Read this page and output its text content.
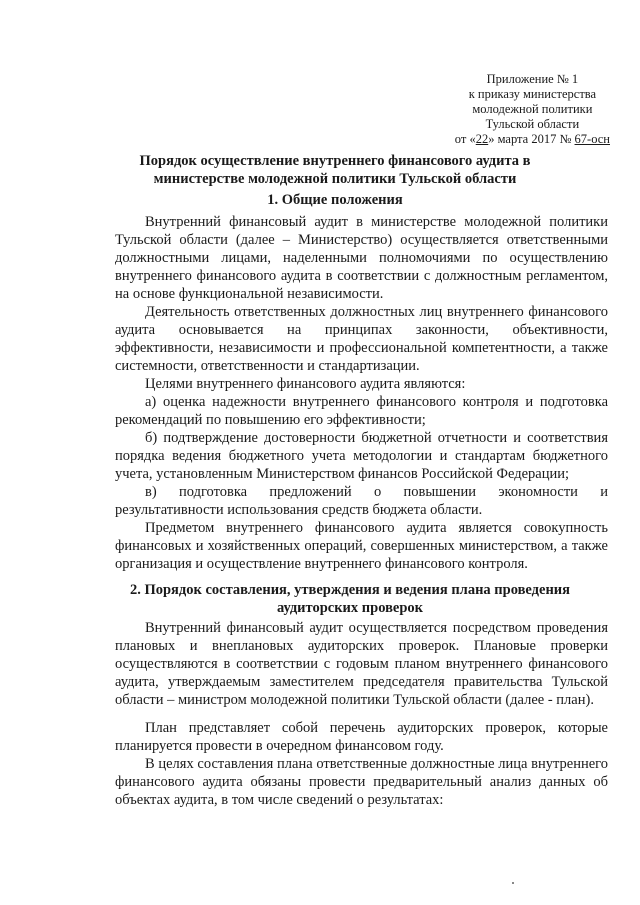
Приложение № 1
к приказу министерства
молодежной политики
Тульской области
от «22» марта 2017 № 67-осн
Порядок осуществление внутреннего финансового аудита в министерстве молодежной политики Тульской области
1. Общие положения

Внутренний финансовый аудит в министерстве молодежной политики Тульской области (далее – Министерство) осуществляется ответственными должностными лицами, наделенными полномочиями по осуществлению внутреннего финансового аудита в соответствии с должностным регламентом, на основе функциональной независимости.

Деятельность ответственных должностных лиц внутреннего финансового аудита основывается на принципах законности, объективности, эффективности, независимости и профессиональной компетентности, а также системности, ответственности и стандартизации.

Целями внутреннего финансового аудита являются:

а) оценка надежности внутреннего финансового контроля и подготовка рекомендаций по повышению его эффективности;

б) подтверждение достоверности бюджетной отчетности и соответствия порядка ведения бюджетного учета методологии и стандартам бюджетного учета, установленным Министерством финансов Российской Федерации;

в) подготовка предложений о повышении экономности и результативности использования средств бюджета области.

Предметом внутреннего финансового аудита является совокупность финансовых и хозяйственных операций, совершенных министерством, а также организация и осуществление внутреннего финансового контроля.

2. Порядок составления, утверждения и ведения плана проведения аудиторских проверок

Внутренний финансовый аудит осуществляется посредством проведения плановых и внеплановых аудиторских проверок. Плановые проверки осуществляются в соответствии с годовым планом внутреннего финансового аудита, утверждаемым заместителем председателя правительства Тульской области – министром молодежной политики Тульской области (далее - план).

План представляет собой перечень аудиторских проверок, которые планируется провести в очередном финансовом году.

В целях составления плана ответственные должностные лица внутреннего финансового аудита обязаны провести предварительный анализ данных об объектах аудита, в том числе сведений о результатах:
